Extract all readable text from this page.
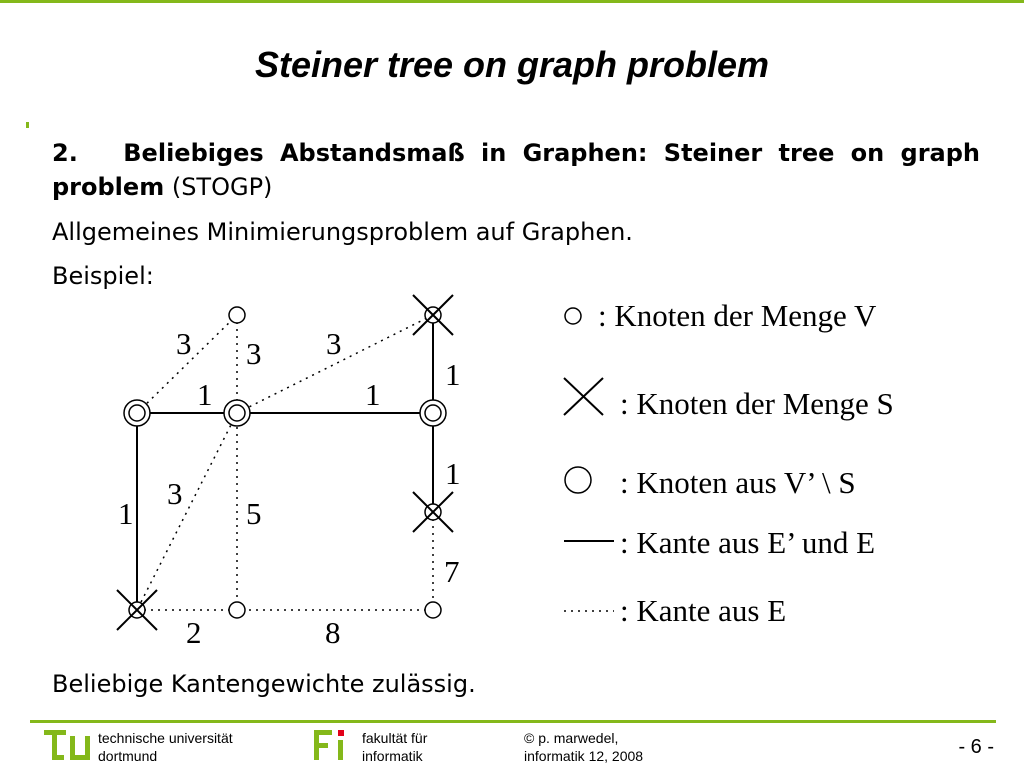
Steiner tree on graph problem
2.	Beliebiges Abstandsmaß in Graphen: Steiner tree on graph
problem (STOGP)
Allgemeines Minimierungsproblem auf Graphen.
Beispiel:
3 3 3
1
1	1
1
3
5
1
7
2	8
: Knoten der Menge V
: Knoten der Menge S
: Knoten aus V’ \ S
: Kante aus E’ und E
: Kante aus E
Beliebige Kantengewichte zulässig.
technische universität
dortmund
fakultät für
informatik
© p. marwedel,
informatik 12, 2008	- 6 -
